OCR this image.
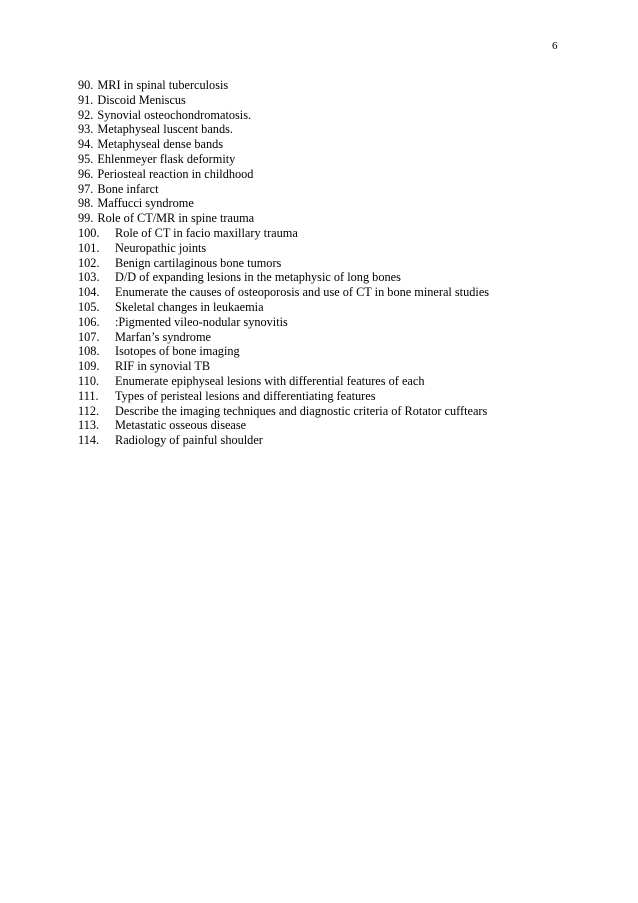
6
90. MRI in spinal tuberculosis
91. Discoid Meniscus
92. Synovial osteochondromatosis.
93. Metaphyseal luscent bands.
94. Metaphyseal dense bands
95. Ehlenmeyer flask deformity
96. Periosteal reaction in childhood
97. Bone infarct
98. Maffucci syndrome
99. Role of CT/MR in spine trauma
100.	Role of CT in facio maxillary trauma
101.	Neuropathic joints
102.	Benign cartilaginous bone tumors
103.	D/D of expanding lesions in the metaphysic of long bones
104.	Enumerate the causes of osteoporosis and use of CT in bone mineral studies
105.	Skeletal changes in leukaemia
106.	:Pigmented vileo-nodular synovitis
107.	Marfan’s syndrome
108.	Isotopes of bone imaging
109.	RIF in synovial TB
110.	Enumerate epiphyseal lesions with differential features of each
111.	Types of peristeal lesions and differentiating features
112.	Describe the imaging techniques and diagnostic criteria of Rotator cufftears
113.	Metastatic osseous disease
114.	Radiology of painful shoulder
